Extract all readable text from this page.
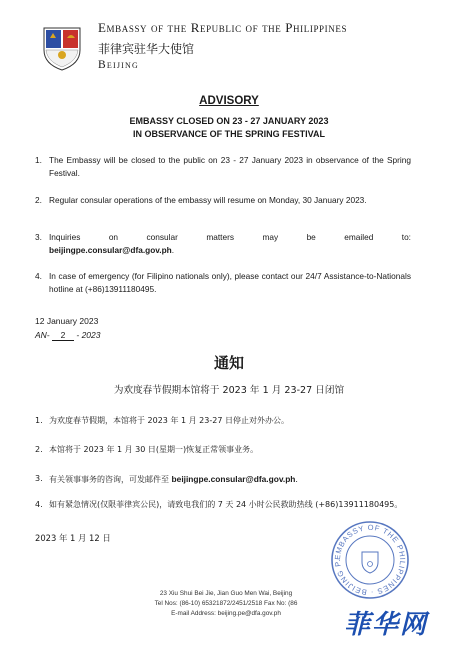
Embassy of the Republic of the Philippines
菲律宾驻华大使馆
Beijing
ADVISORY
EMBASSY CLOSED ON 23 - 27 JANUARY 2023
IN OBSERVANCE OF THE SPRING FESTIVAL
1. The Embassy will be closed to the public on 23 - 27 January 2023 in observance of the Spring Festival.
2. Regular consular operations of the embassy will resume on Monday, 30 January 2023.
3. Inquiries on consular matters may be emailed to:
beijingpe.consular@dfa.gov.ph.
4. In case of emergency (for Filipino nationals only), please contact our 24/7 Assistance-to-Nationals hotline at (+86)13911180495.
12 January 2023
AN- 2 - 2023
通知
为欢度春节假期本馆将于 2023 年 1 月 23-27 日闭馆
1. 为欢度春节假期，本馆将于 2023 年 1 月 23-27 日停止对外办公。
2. 本馆将于 2023 年 1 月 30 日(星期一)恢复正常领事业务。
3. 有关领事事务的咨询，可发邮件至 beijingpe.consular@dfa.gov.ph.
4. 如有紧急情况(仅限菲律宾公民)，请致电我们的 7 天 24 小时公民救助热线 (+86)13911180495。
2023 年 1 月 12 日
EMBASSY OF THE PHILIPPINES · BEIJING P.
23 Xiu Shui Bei Jie, Jian Guo Men Wai, Beijing
Tel Nos: (86-10) 65321872/2451/2518 Fax No: (86
E-mail Address: beijing.pe@dfa.gov.ph	菲华网
